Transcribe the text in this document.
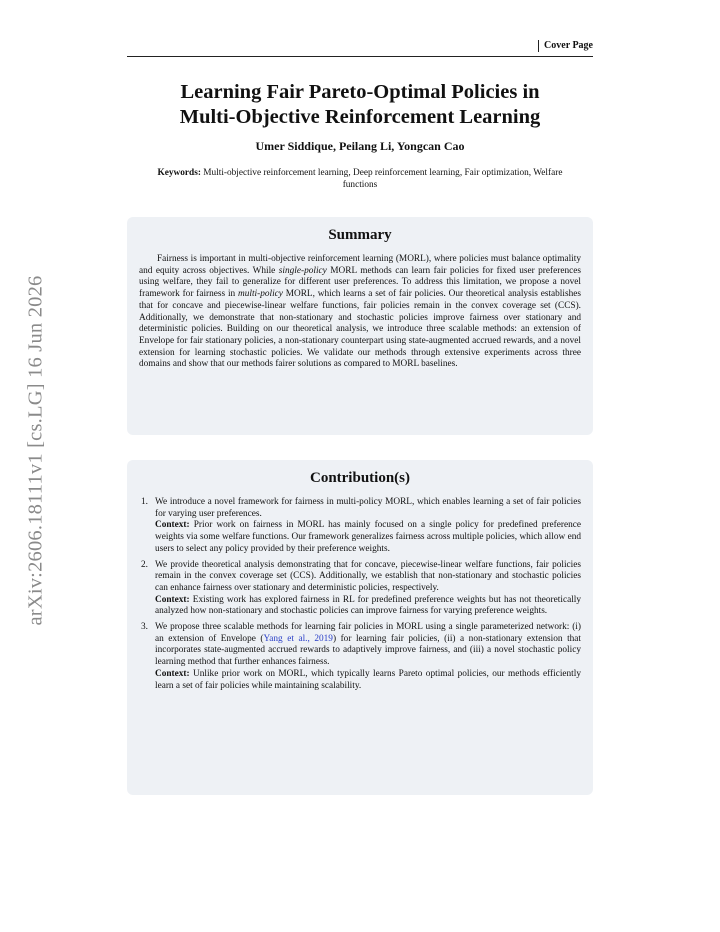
arXiv:2606.18111v1 [cs.LG] 16 Jun 2026
Cover Page
Learning Fair Pareto-Optimal Policies in
Multi-Objective Reinforcement Learning
Umer Siddique, Peilang Li, Yongcan Cao
Keywords: Multi-objective reinforcement learning, Deep reinforcement learning, Fair optimization, Welfare functions
Summary

Fairness is important in multi-objective reinforcement learning (MORL), where policies must balance optimality and equity across objectives. While single-policy MORL methods can learn fair policies for fixed user preferences using welfare, they fail to generalize for different user preferences. To address this limitation, we propose a novel framework for fairness in multi-policy MORL, which learns a set of fair policies. Our theoretical analysis establishes that for concave and piecewise-linear welfare functions, fair policies remain in the convex coverage set (CCS). Additionally, we demonstrate that non-stationary and stochastic policies improve fairness over stationary and deterministic policies. Building on our theoretical analysis, we introduce three scalable methods: an extension of Envelope for fair stationary policies, a non-stationary counterpart using state-augmented accrued rewards, and a novel extension for learning stochastic policies. We validate our methods through extensive experiments across three domains and show that our methods fairer solutions as compared to MORL baselines.

Contribution(s)
1. We introduce a novel framework for fairness in multi-policy MORL, which enables learning a set of fair policies for varying user preferences.
Context: Prior work on fairness in MORL has mainly focused on a single policy for predefined preference weights via some welfare functions. Our framework generalizes fairness across multiple policies, which allow end users to select any policy provided by their preference weights.
2. We provide theoretical analysis demonstrating that for concave, piecewise-linear welfare functions, fair policies remain in the convex coverage set (CCS). Additionally, we establish that non-stationary and stochastic policies can enhance fairness over stationary and deterministic policies, respectively.
Context: Existing work has explored fairness in RL for predefined preference weights but has not theoretically analyzed how non-stationary and stochastic policies can improve fairness for varying preference weights.
3. We propose three scalable methods for learning fair policies in MORL using a single parameterized network: (i) an extension of Envelope (Yang et al., 2019) for learning fair policies, (ii) a non-stationary extension that incorporates state-augmented accrued rewards to adaptively improve fairness, and (iii) a novel stochastic policy learning method that further enhances fairness.
Context: Unlike prior work on MORL, which typically learns Pareto optimal policies, our methods efficiently learn a set of fair policies while maintaining scalability.
